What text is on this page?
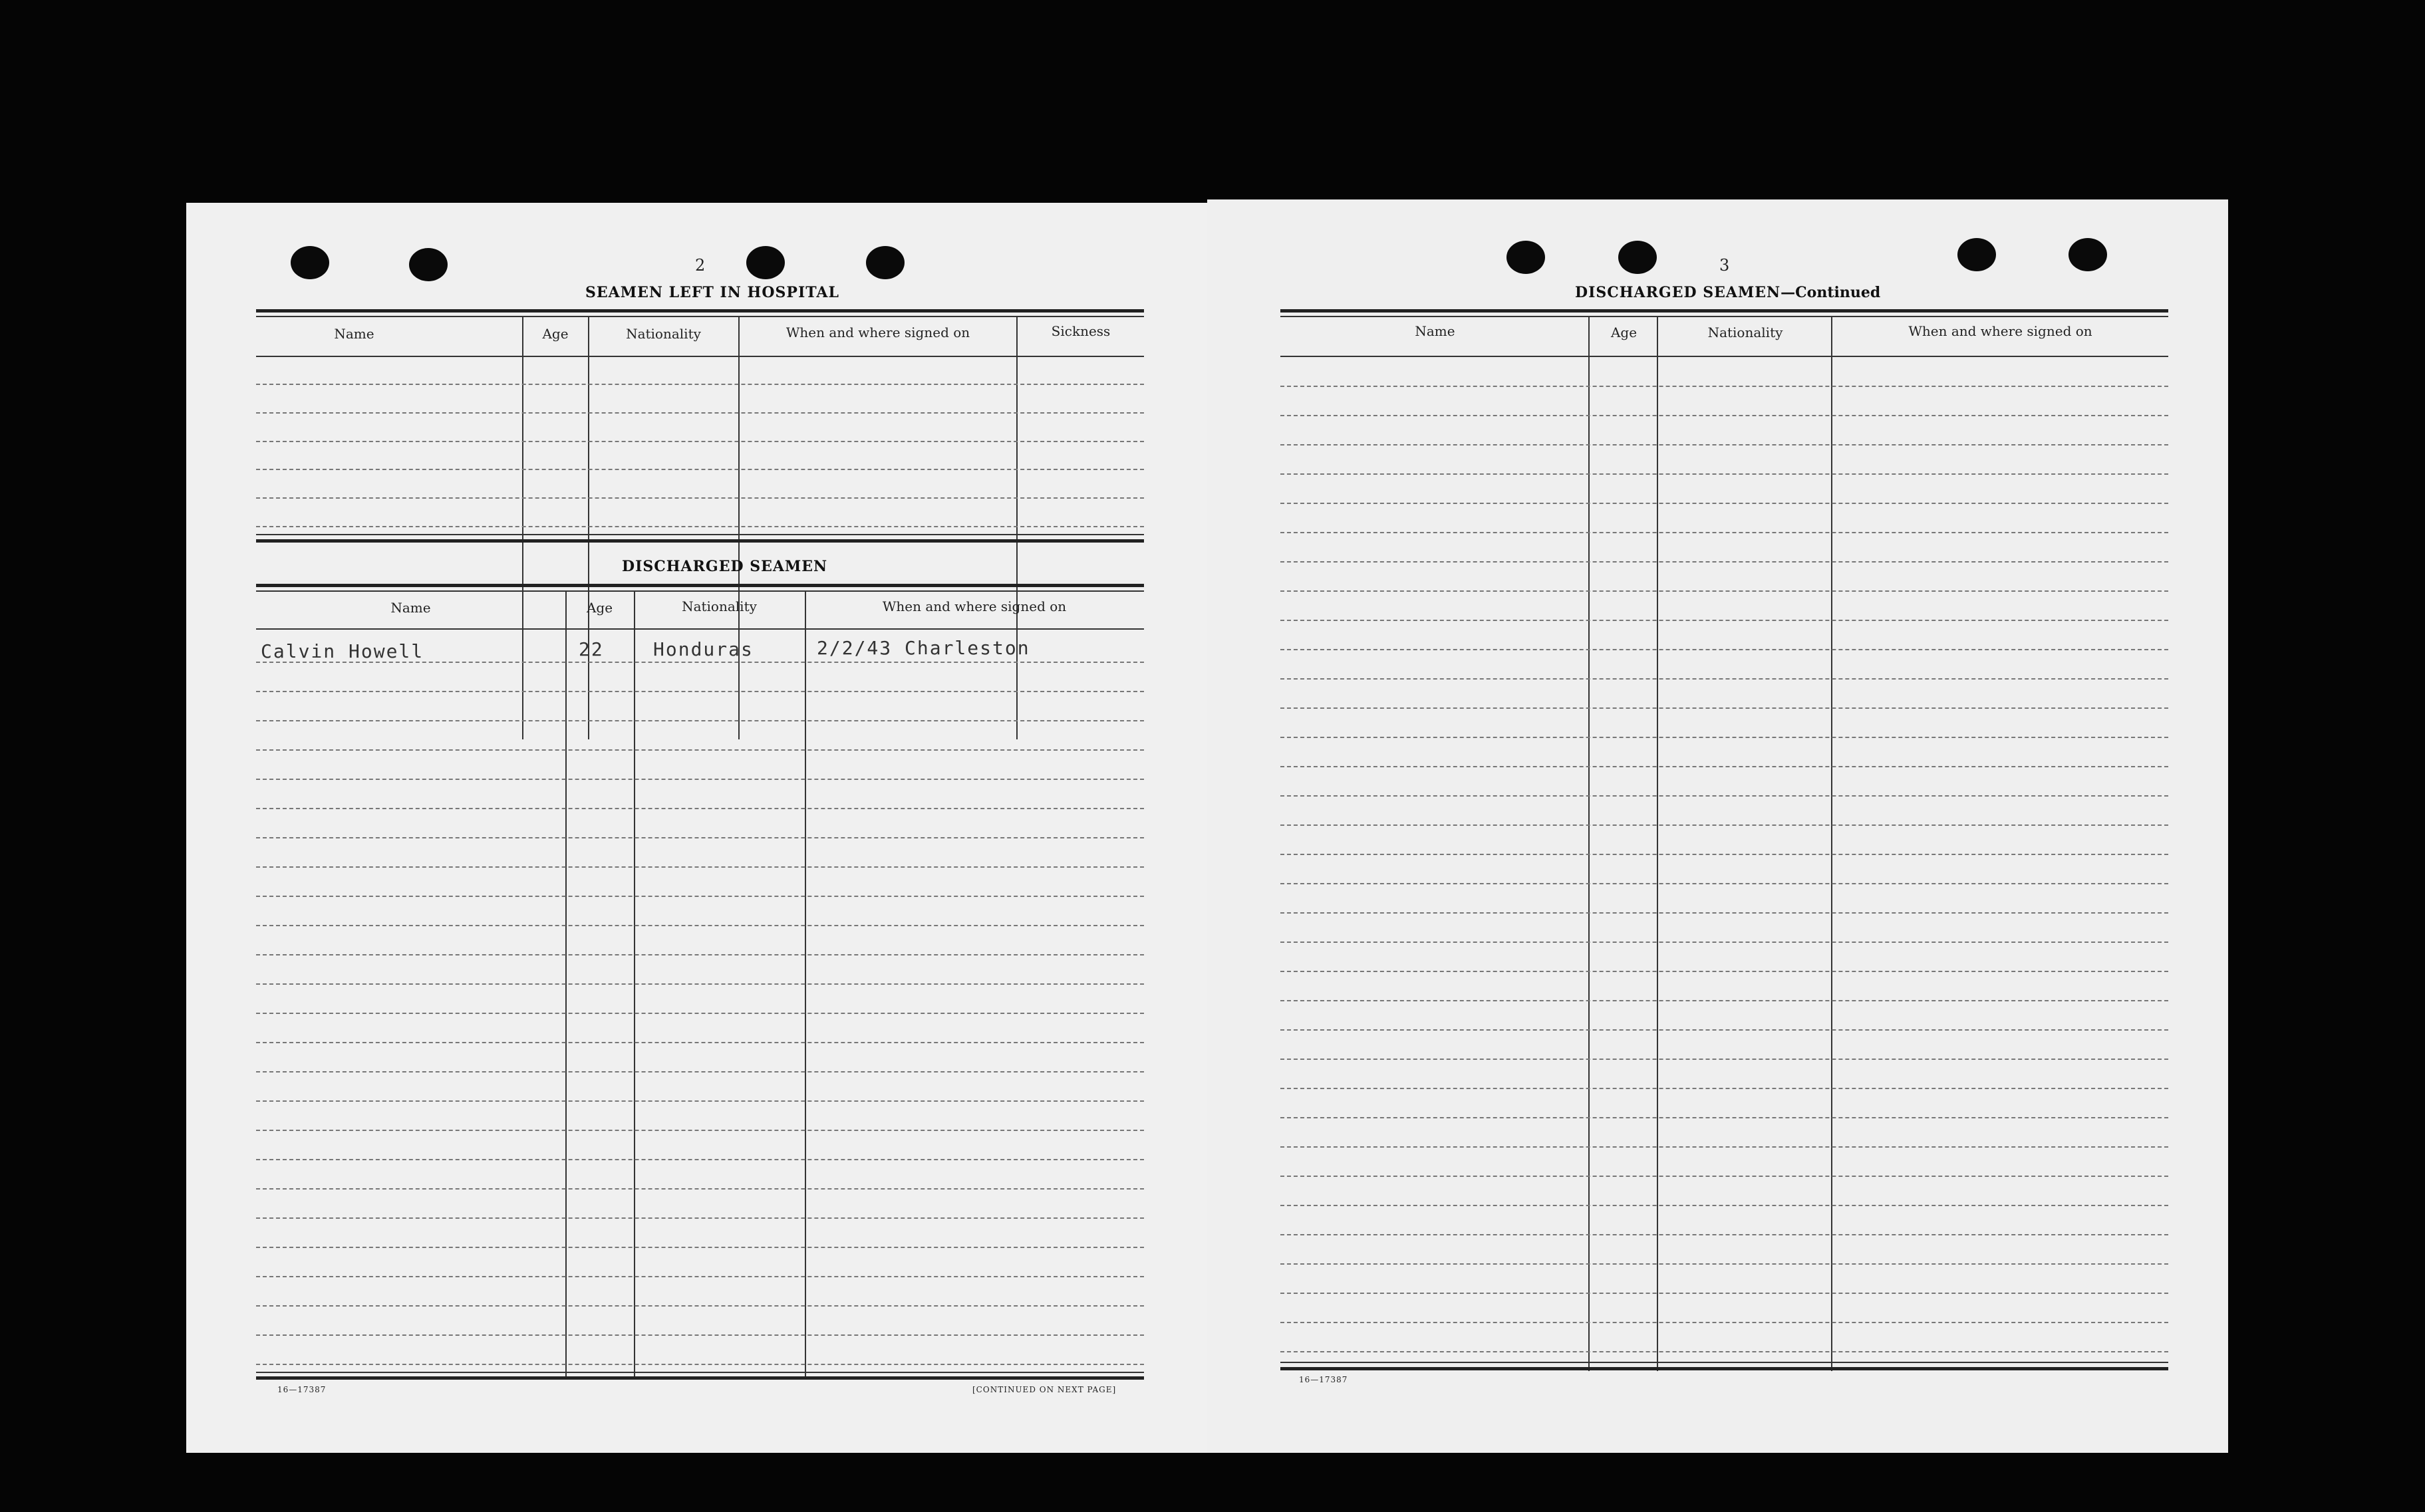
2
SEAMEN LEFT IN HOSPITAL
Name	Age	Nationality	When and where signed on	Sickness
DISCHARGED SEAMEN
Name	Age	Nationality	When and where signed on
Calvin Howell	22	Honduras	2/2/43 Charleston
16—17387	[CONTINUED ON NEXT PAGE]
3
DISCHARGED SEAMEN—Continued
Name	Age	Nationality	When and where signed on
16—17387
